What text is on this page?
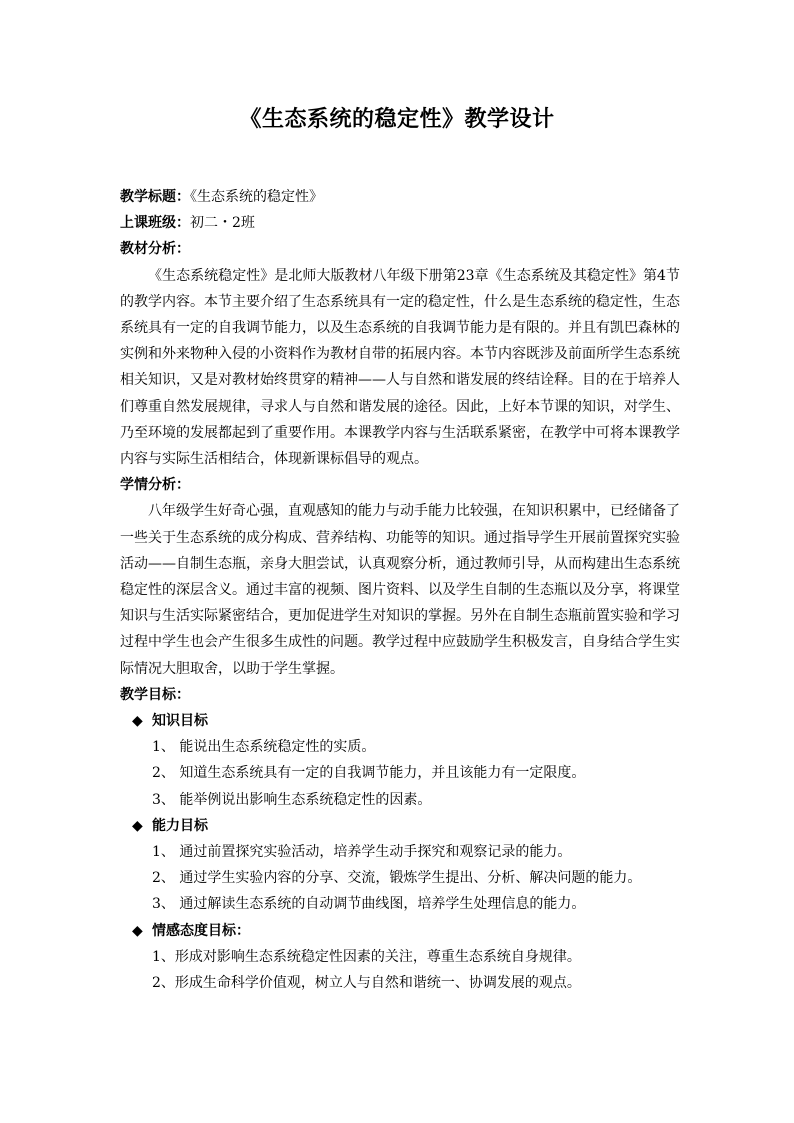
《生态系统的稳定性》教学设计
教学标题：《生态系统的稳定性》
上课班级：初二・2班
教材分析：

《生态系统稳定性》是北师大版教材八年级下册第23章《生态系统及其稳定性》第4节的教学内容。本节主要介绍了生态系统具有一定的稳定性，什么是生态系统的稳定性，生态系统具有一定的自我调节能力，以及生态系统的自我调节能力是有限的。并且有凯巴森林的实例和外来物种入侵的小资料作为教材自带的拓展内容。本节内容既涉及前面所学生态系统相关知识，又是对教材始终贯穿的精神——人与自然和谐发展的终结诠释。目的在于培养人们尊重自然发展规律，寻求人与自然和谐发展的途径。因此，上好本节课的知识，对学生、乃至环境的发展都起到了重要作用。本课教学内容与生活联系紧密，在教学中可将本课教学内容与实际生活相结合，体现新课标倡导的观点。

学情分析：

八年级学生好奇心强，直观感知的能力与动手能力比较强，在知识积累中，已经储备了一些关于生态系统的成分构成、营养结构、功能等的知识。通过指导学生开展前置探究实验活动——自制生态瓶，亲身大胆尝试，认真观察分析，通过教师引导，从而构建出生态系统稳定性的深层含义。通过丰富的视频、图片资料、以及学生自制的生态瓶以及分享，将课堂知识与生活实际紧密结合，更加促进学生对知识的掌握。另外在自制生态瓶前置实验和学习过程中学生也会产生很多生成性的问题。教学过程中应鼓励学生积极发言，自身结合学生实际情况大胆取舍，以助于学生掌握。

教学目标：
◆ 知识目标
1、 能说出生态系统稳定性的实质。
2、 知道生态系统具有一定的自我调节能力，并且该能力有一定限度。
3、 能举例说出影响生态系统稳定性的因素。
◆ 能力目标
1、 通过前置探究实验活动，培养学生动手探究和观察记录的能力。
2、 通过学生实验内容的分享、交流，锻炼学生提出、分析、解决问题的能力。
3、 通过解读生态系统的自动调节曲线图，培养学生处理信息的能力。
◆ 情感态度目标：
1、形成对影响生态系统稳定性因素的关注，尊重生态系统自身规律。
2、形成生命科学价值观，树立人与自然和谐统一、协调发展的观点。
